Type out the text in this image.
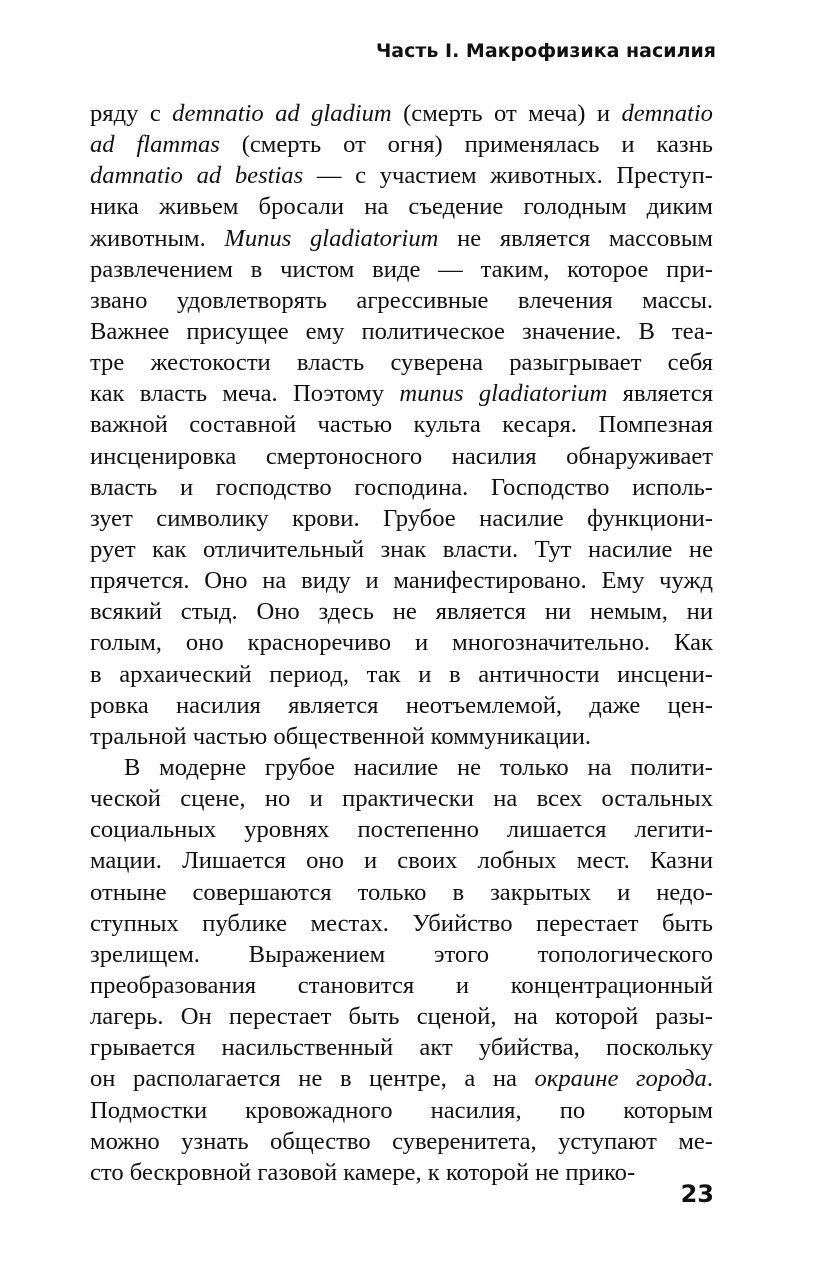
Часть I. Макрофизика насилия
ряду с demnatio ad gladium (смерть от меча) и demnatio
ad flammas (смерть от огня) применялась и казнь
damnatio ad bestias — с участием животных. Преступ-
ника живьем бросали на съедение голодным диким
животным. Munus gladiatorium не является массовым
развлечением в чистом виде — таким, которое при-
звано удовлетворять агрессивные влечения массы.
Важнее присущее ему политическое значение. В теа-
тре жестокости власть суверена разыгрывает себя
как власть меча. Поэтому munus gladiatorium является
важной составной частью культа кесаря. Помпезная
инсценировка смертоносного насилия обнаруживает
власть и господство господина. Господство исполь-
зует символику крови. Грубое насилие функциони-
рует как отличительный знак власти. Тут насилие не
прячется. Оно на виду и манифестировано. Ему чужд
всякий стыд. Оно здесь не является ни немым, ни
голым, оно красноречиво и многозначительно. Как
в архаический период, так и в античности инсцени-
ровка насилия является неотъемлемой, даже цен-
тральной частью общественной коммуникации.
В модерне грубое насилие не только на полити-
ческой сцене, но и практически на всех остальных
социальных уровнях постепенно лишается легити-
мации. Лишается оно и своих лобных мест. Казни
отныне совершаются только в закрытых и недо-
ступных публике местах. Убийство перестает быть
зрелищем. Выражением этого топологического
преобразования становится и концентрационный
лагерь. Он перестает быть сценой, на которой разы-
грывается насильственный акт убийства, поскольку
он располагается не в центре, а на окраине города.
Подмостки кровожадного насилия, по которым
можно узнать общество суверенитета, уступают ме-
сто бескровной газовой камере, к которой не прико-
23
